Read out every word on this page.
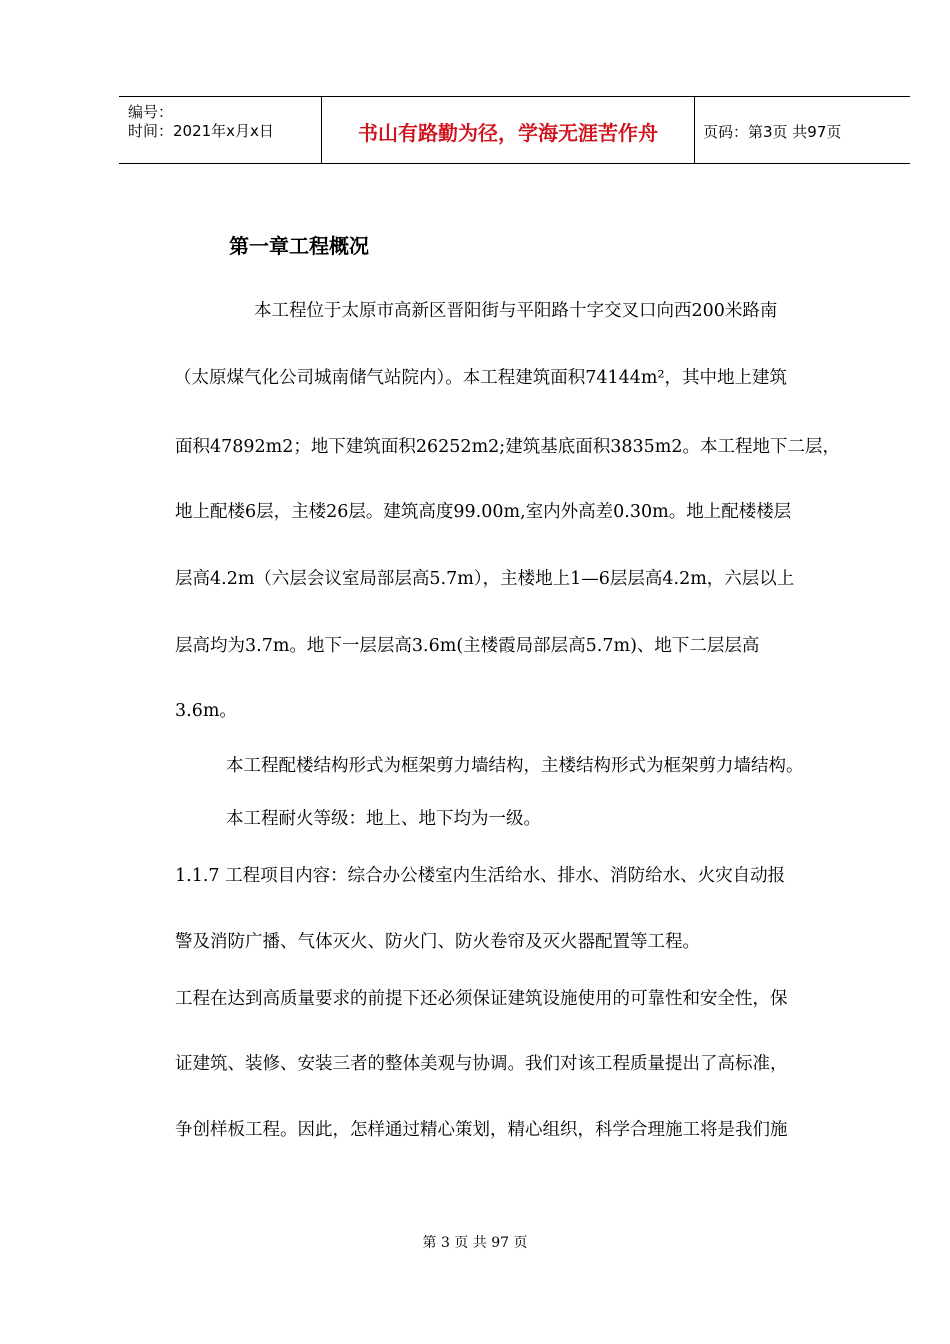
编号：
时间：2021年x月x日	书山有路勤为径，学海无涯苦作舟	页码：第3页 共97页
第一章工程概况
本工程位于太原市高新区晋阳街与平阳路十字交叉口向西200米路南
（太原煤气化公司城南储气站院内）。本工程建筑面积74144m²，其中地上建筑
面积47892m2；地下建筑面积26252m2;建筑基底面积3835m2。本工程地下二层，
地上配楼6层，主楼26层。建筑高度99.00m,室内外高差0.30m。地上配楼楼层
层高4.2m（六层会议室局部层高5.7m），主楼地上1—6层层高4.2m，六层以上
层高均为3.7m。地下一层层高3.6m(主楼霞局部层高5.7m)、地下二层层高
3.6m。
本工程配楼结构形式为框架剪力墙结构，主楼结构形式为框架剪力墙结构。
本工程耐火等级：地上、地下均为一级。
1.1.7 工程项目内容：综合办公楼室内生活给水、排水、消防给水、火灾自动报
警及消防广播、气体灭火、防火门、防火卷帘及灭火器配置等工程。
工程在达到高质量要求的前提下还必须保证建筑设施使用的可靠性和安全性，保
证建筑、装修、安装三者的整体美观与协调。我们对该工程质量提出了高标准，
争创样板工程。因此，怎样通过精心策划，精心组织，科学合理施工将是我们施
第 3 页 共 97 页
